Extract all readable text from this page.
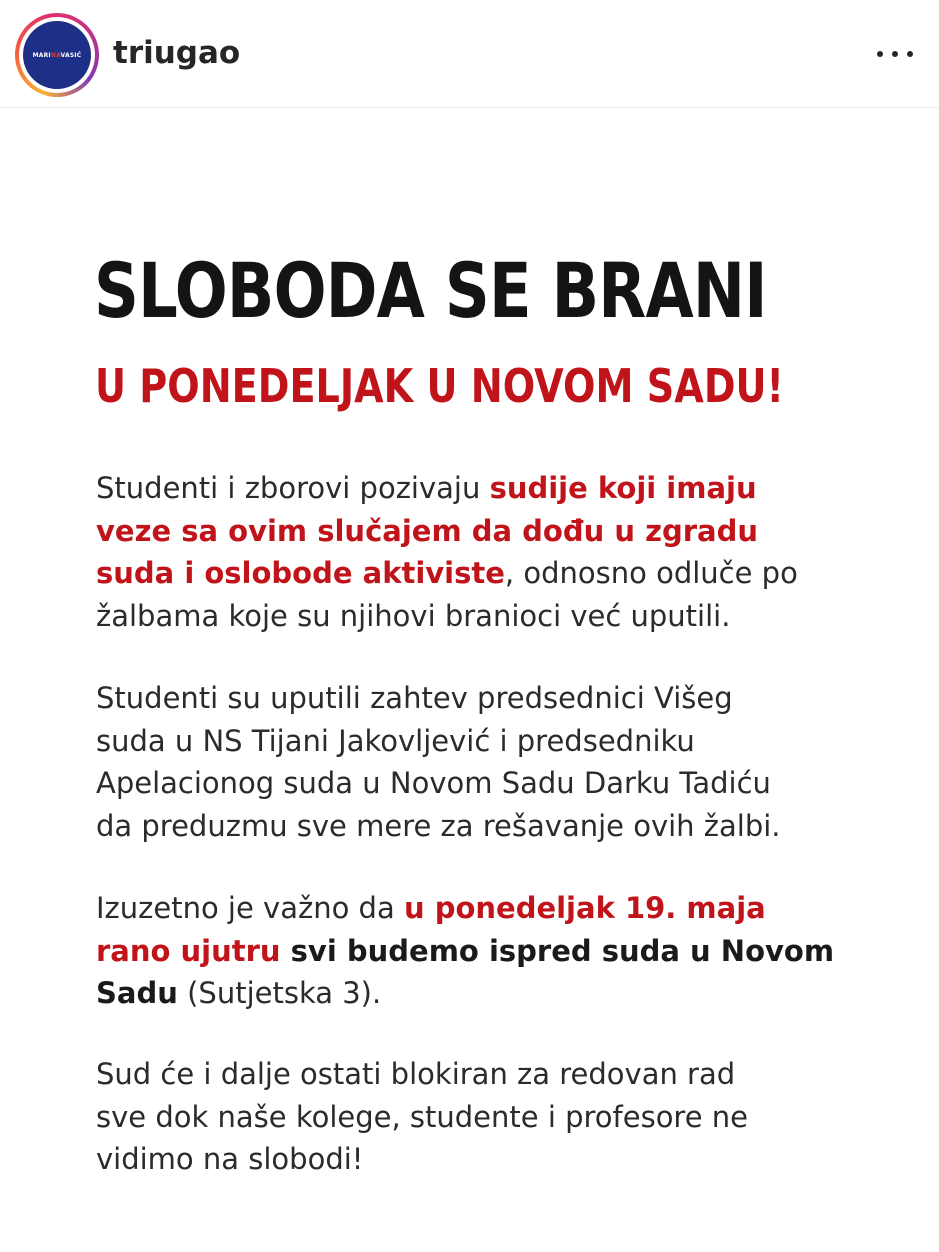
MARINAVASIĆ triugao
SLOBODA SE BRANI
U PONEDELJAK U NOVOM SADU!

Studenti i zborovi pozivaju sudije koji imaju
veze sa ovim slučajem da dođu u zgradu
suda i oslobode aktiviste, odnosno odluče po
žalbama koje su njihovi branioci već uputili.

Studenti su uputili zahtev predsednici Višeg
suda u NS Tijani Jakovljević i predsedniku
Apelacionog suda u Novom Sadu Darku Tadiću
da preduzmu sve mere za rešavanje ovih žalbi.

Izuzetno je važno da u ponedeljak 19. maja
rano ujutru svi budemo ispred suda u Novom
Sadu (Sutjetska 3).

Sud će i dalje ostati blokiran za redovan rad
sve dok naše kolege, studente i profesore ne
vidimo na slobodi!
